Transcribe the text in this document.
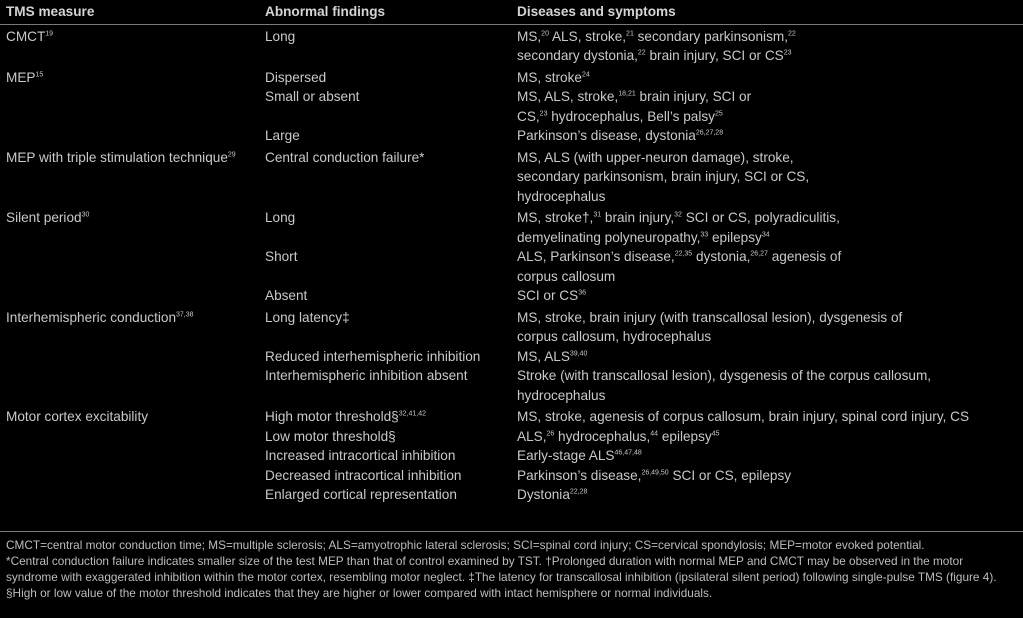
TMS measure	Abnormal findings	Diseases and symptoms
CMCT$^{19}$	Long	MS,$^{20}$ ALS, stroke,$^{21}$ secondary parkinsonism,$^{22}$
secondary dystonia,$^{22}$ brain injury, SCI or CS$^{23}$
MEP$^{15}$	Dispersed	MS, stroke$^{24}$
	Small or absent	MS, ALS, stroke,$^{18,21}$ brain injury, SCI or
CS,$^{23}$ hydrocephalus, Bell’s palsy$^{25}$
	Large	Parkinson’s disease, dystonia$^{26,27,28}$
MEP with triple stimulation technique$^{29}$	Central conduction failure*	MS, ALS (with upper-neuron damage), stroke,
secondary parkinsonism, brain injury, SCI or CS,
hydrocephalus
Silent period$^{30}$	Long	MS, stroke†,$^{31}$ brain injury,$^{32}$ SCI or CS, polyradiculitis,
demyelinating polyneuropathy,$^{33}$ epilepsy$^{34}$
	Short	ALS, Parkinson’s disease,$^{22,35}$ dystonia,$^{26,27}$ agenesis of
corpus callosum
	Absent	SCI or CS$^{36}$
Interhemispheric conduction$^{37,38}$	Long latency‡	MS, stroke, brain injury (with transcallosal lesion), dysgenesis of
corpus callosum, hydrocephalus
	Reduced interhemispheric inhibition	MS, ALS$^{39,40}$
	Interhemispheric inhibition absent	Stroke (with transcallosal lesion), dysgenesis of the corpus callosum,
hydrocephalus
Motor cortex excitability	High motor threshold§$^{32,41,42}$	MS, stroke, agenesis of corpus callosum, brain injury, spinal cord injury, CS
	Low motor threshold§	ALS,$^{26}$ hydrocephalus,$^{44}$ epilepsy$^{45}$
	Increased intracortical inhibition	Early-stage ALS$^{46,47,48}$
	Decreased intracortical inhibition	Parkinson’s disease,$^{26,49,50}$ SCI or CS, epilepsy
	Enlarged cortical representation	Dystonia$^{22,28}$

CMCT=central motor conduction time; MS=multiple sclerosis; ALS=amyotrophic lateral sclerosis; SCI=spinal cord injury; CS=cervical spondylosis; MEP=motor evoked potential.

*Central conduction failure indicates smaller size of the test MEP than that of control examined by TST. †Prolonged duration with normal MEP and CMCT may be observed in the motor syndrome with exaggerated inhibition within the motor cortex, resembling motor neglect. ‡The latency for transcallosal inhibition (ipsilateral silent period) following single-pulse TMS (figure 4). §High or low value of the motor threshold indicates that they are higher or lower compared with intact hemisphere or normal individuals.
